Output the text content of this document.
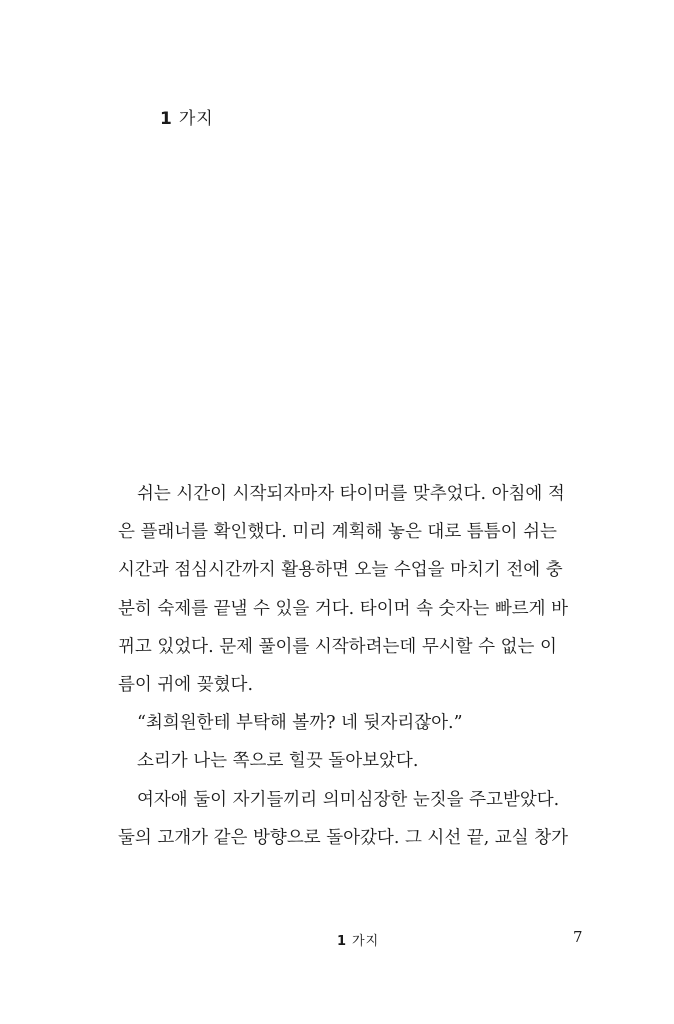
1 가지

쉬는 시간이 시작되자마자 타이머를 맞추었다. 아침에 적
은 플래너를 확인했다. 미리 계획해 놓은 대로 틈틈이 쉬는
시간과 점심시간까지 활용하면 오늘 수업을 마치기 전에 충
분히 숙제를 끝낼 수 있을 거다. 타이머 속 숫자는 빠르게 바
뀌고 있었다. 문제 풀이를 시작하려는데 무시할 수 없는 이
름이 귀에 꽂혔다.

“최희원한테 부탁해 볼까? 네 뒷자리잖아.”

소리가 나는 쪽으로 힐끗 돌아보았다.

여자애 둘이 자기들끼리 의미심장한 눈짓을 주고받았다.

둘의 고개가 같은 방향으로 돌아갔다. 그 시선 끝, 교실 창가

1 가지	7
